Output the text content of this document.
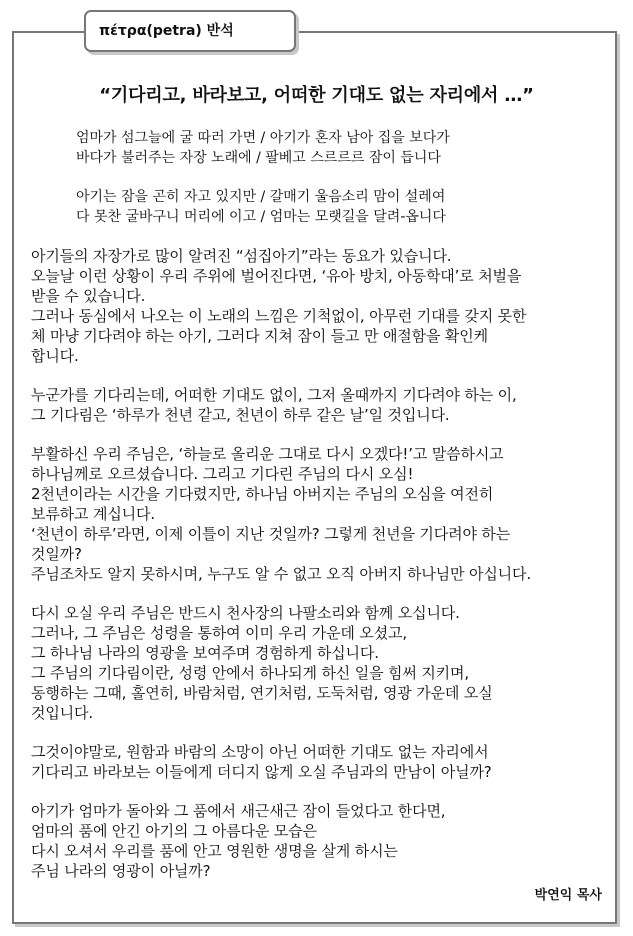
πέτρα(petra) 반석
“기다리고, 바라보고, 어떠한 기대도 없는 자리에서 …”
엄마가 섬그늘에 굴 따러 가면 / 아기가 혼자 남아 집을 보다가
바다가 불러주는 자장 노래에 / 팔베고 스르르르 잠이 듭니다
아기는 잠을 곤히 자고 있지만 / 갈매기 울음소리 맘이 설레여
다 못찬 굴바구니 머리에 이고 / 엄마는 모랫길을 달려-옵니다
아기들의 자장가로 많이 알려진 “섬집아기”라는 동요가 있습니다.
오늘날 이런 상황이 우리 주위에 벌어진다면, ‘유아 방치, 아동학대’로 처벌을
받을 수 있습니다.
그러나 동심에서 나오는 이 노래의 느낌은 기척없이, 아무런 기대를 갖지 못한
체 마냥 기다려야 하는 아기, 그러다 지쳐 잠이 들고 만 애절함을 확인케
합니다.
누군가를 기다리는데, 어떠한 기대도 없이, 그저 올때까지 기다려야 하는 이,
그 기다림은 ‘하루가 천년 같고, 천년이 하루 같은 날’일 것입니다.
부활하신 우리 주님은, ‘하늘로 올리운 그대로 다시 오겠다!’고 말씀하시고
하나님께로 오르셨습니다. 그리고 기다린 주님의 다시 오심!
2천년이라는 시간을 기다렸지만, 하나님 아버지는 주님의 오심을 여전히
보류하고 계십니다.
‘천년이 하루’라면, 이제 이틀이 지난 것일까? 그렇게 천년을 기다려야 하는
것일까?
주님조차도 알지 못하시며, 누구도 알 수 없고 오직 아버지 하나님만 아십니다.
다시 오실 우리 주님은 반드시 천사장의 나팔소리와 함께 오십니다.
그러나, 그 주님은 성령을 통하여 이미 우리 가운데 오셨고,
그 하나님 나라의 영광을 보여주며 경험하게 하십니다.
그 주님의 기다림이란, 성령 안에서 하나되게 하신 일을 힘써 지키며,
동행하는 그때, 홀연히, 바람처럼, 연기처럼, 도둑처럼, 영광 가운데 오실
것입니다.
그것이야말로, 원함과 바람의 소망이 아닌 어떠한 기대도 없는 자리에서
기다리고 바라보는 이들에게 더디지 않게 오실 주님과의 만남이 아닐까?
아기가 엄마가 돌아와 그 품에서 새근새근 잠이 들었다고 한다면,
엄마의 품에 안긴 아기의 그 아름다운 모습은
다시 오셔서 우리를 품에 안고 영원한 생명을 살게 하시는
주님 나라의 영광이 아닐까?
박연익 목사
